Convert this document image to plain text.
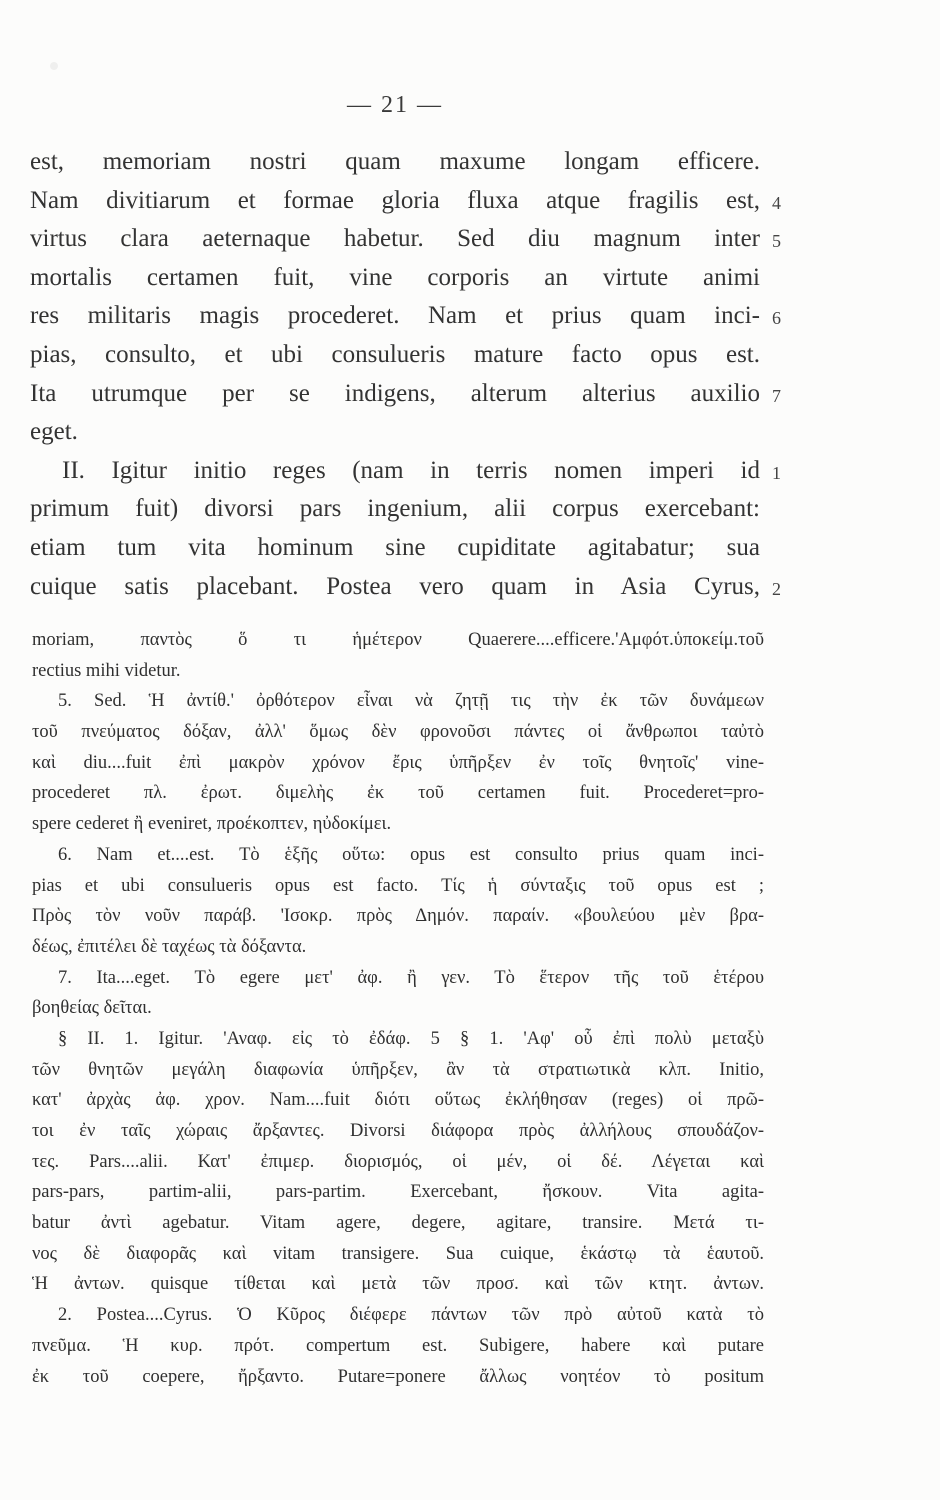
— 21 —
est, memoriam nostri quam maxume longam efficere.
Nam divitiarum et formae gloria fluxa atque fragilis est, 4
virtus clara aeternaque habetur. Sed diu magnum inter 5
mortalis certamen fuit, vine corporis an virtute animi
res militaris magis procederet. Nam et prius quam inci- 6
pias, consulto, et ubi consulueris mature facto opus est.
Ita utrumque per se indigens, alterum alterius auxilio 7
eget.
II. Igitur initio reges (nam in terris nomen imperi id 1
primum fuit) divorsi pars ingenium, alii corpus exercebant:
etiam tum vita hominum sine cupiditate agitabatur; sua
cuique satis placebant. Postea vero quam in Asia Cyrus, 2
moriam, παντὸς ὅ τι ἡμέτερον Quaerere....efficere.'Αμφότ.ὑποκείμ.τοῦ
rectius mihi videtur.
5. Sed. Ἡ ἀντίθ.' ὀρθότερον εἶναι νὰ ζητῇ τις τὴν ἐκ τῶν δυνάμεων
τοῦ πνεύματος δόξαν, ἀλλ' ὅμως δὲν φρονοῦσι πάντες οἱ ἄνθρωποι ταὐτὸ
καὶ diu....fuit ἐπὶ μακρὸν χρόνον ἔρις ὑπῆρξεν ἐν τοῖς θνητοῖς' vine-
procederet πλ. ἐρωτ. διμελὴς ἐκ τοῦ certamen fuit. Procederet=pro-
spere cederet ἢ eveniret, προέκοπτεν, ηὐδοκίμει.
6. Nam et....est. Τὸ ἑξῆς οὕτω: opus est consulto prius quam inci-
pias et ubi consulueris opus est facto. Τίς ἡ σύνταξις τοῦ opus est ;
Πρὸς τὸν νοῦν παράβ. 'Ισοκρ. πρὸς Δημόν. παραίν. «βουλεύου μὲν βρα-
δέως, ἐπιτέλει δὲ ταχέως τὰ δόξαντα.
7. Ita....eget. Τὸ egere μετ' ἀφ. ἢ γεν. Τὸ ἕτερον τῆς τοῦ ἑτέρου
βοηθείας δεῖται.
§ II. 1. Igitur. 'Αναφ. εἰς τὸ ἐδάφ. 5 § 1. 'Αφ' οὗ ἐπὶ πολὺ μεταξὺ
τῶν θνητῶν μεγάλη διαφωνία ὑπῆρξεν, ἂν τὰ στρατιωτικὰ κλπ. Initio,
κατ' ἀρχὰς ἀφ. χρον. Nam....fuit διότι οὕτως ἐκλήθησαν (reges) οἱ πρῶ-
τοι ἐν ταῖς χώραις ἄρξαντες. Divorsi διάφορα πρὸς ἀλλήλους σπουδάζον-
τες. Pars....alii. Κατ' ἐπιμερ. διορισμός, οἱ μέν, οἱ δέ. Λέγεται καὶ
pars-pars, partim-alii, pars-partim. Exercebant, ἤσκουν. Vita agita-
batur ἀντὶ agebatur. Vitam agere, degere, agitare, transire. Μετά τι-
νος δὲ διαφορᾶς καὶ vitam transigere. Sua cuique, ἑκάστῳ τὰ ἑαυτοῦ.
Ἡ ἀντων. quisque τίθεται καὶ μετὰ τῶν προσ. καὶ τῶν κτητ. ἀντων.
2. Postea....Cyrus. Ὁ Κῦρος διέφερε πάντων τῶν πρὸ αὐτοῦ κατὰ τὸ
πνεῦμα. Ἡ κυρ. πρότ. compertum est. Subigere, habere καὶ putare
ἐκ τοῦ coepere, ἤρξαντο. Putare=ponere ἄλλως νοητέον τὸ positum
